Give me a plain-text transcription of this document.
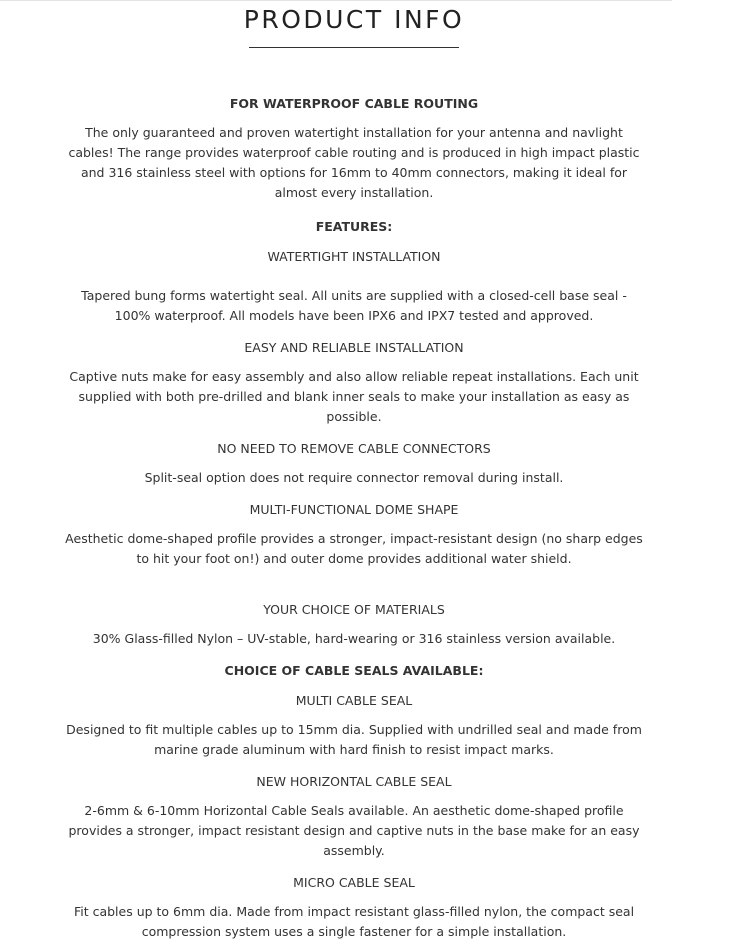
PRODUCT INFO

FOR WATERPROOF CABLE ROUTING

The only guaranteed and proven watertight installation for your antenna and navlight cables! The range provides waterproof cable routing and is produced in high impact plastic and 316 stainless steel with options for 16mm to 40mm connectors, making it ideal for almost every installation.

FEATURES:

WATERTIGHT INSTALLATION

Tapered bung forms watertight seal. All units are supplied with a closed-cell base seal - 100% waterproof. All models have been IPX6 and IPX7 tested and approved.

EASY AND RELIABLE INSTALLATION

Captive nuts make for easy assembly and also allow reliable repeat installations. Each unit supplied with both pre-drilled and blank inner seals to make your installation as easy as possible.

NO NEED TO REMOVE CABLE CONNECTORS

Split-seal option does not require connector removal during install.

MULTI-FUNCTIONAL DOME SHAPE

Aesthetic dome-shaped profile provides a stronger, impact-resistant design (no sharp edges to hit your foot on!) and outer dome provides additional water shield.

YOUR CHOICE OF MATERIALS

30% Glass-filled Nylon – UV-stable, hard-wearing or 316 stainless version available.

CHOICE OF CABLE SEALS AVAILABLE:

MULTI CABLE SEAL

Designed to fit multiple cables up to 15mm dia. Supplied with undrilled seal and made from marine grade aluminum with hard finish to resist impact marks.

NEW HORIZONTAL CABLE SEAL

2-6mm & 6-10mm Horizontal Cable Seals available. An aesthetic dome-shaped profile provides a stronger, impact resistant design and captive nuts in the base make for an easy assembly.

MICRO CABLE SEAL

Fit cables up to 6mm dia. Made from impact resistant glass-filled nylon, the compact seal compression system uses a single fastener for a simple installation.
